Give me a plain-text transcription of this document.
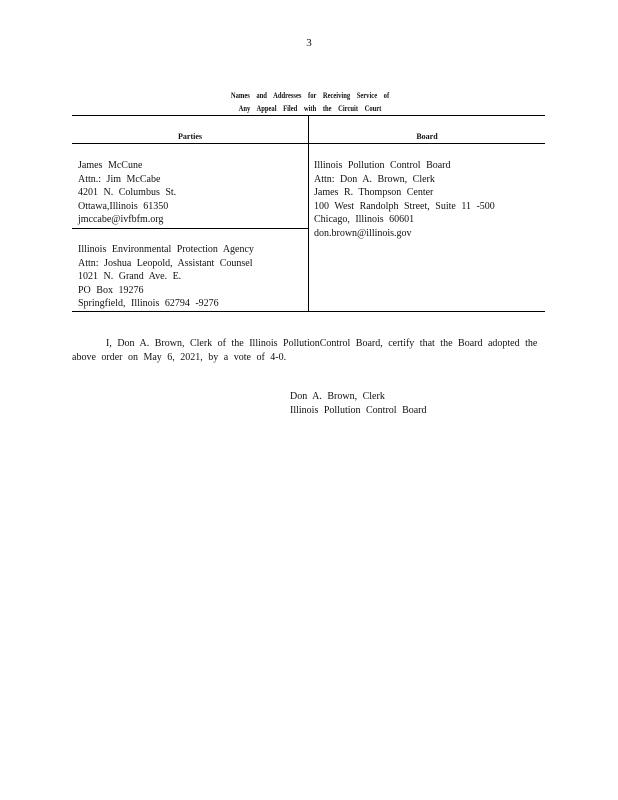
3
Names and Addresses for Receiving Service of
Any Appeal Filed with the Circuit Court
Parties	Board
James McCune
Attn.: Jim McCabe
4201 N. Columbus St.
Ottawa,Illinois 61350
jmccabe@ivfbfm.org
Illinois Environmental Protection Agency
Attn: Joshua Leopold, Assistant Counsel
1021 N. Grand Ave. E.
PO Box 19276
Springfield, Illinois 62794 -9276
Illinois Pollution Control Board
Attn: Don A. Brown, Clerk
James R. Thompson Center
100 West Randolph Street, Suite 11 -500
Chicago, Illinois 60601
don.brown@illinois.gov

I, Don A. Brown, Clerk of the Illinois PollutionControl Board, certify that the Board adopted the above order on May 6, 2021, by a vote of 4-0.

Don A. Brown, Clerk
Illinois Pollution Control Board
